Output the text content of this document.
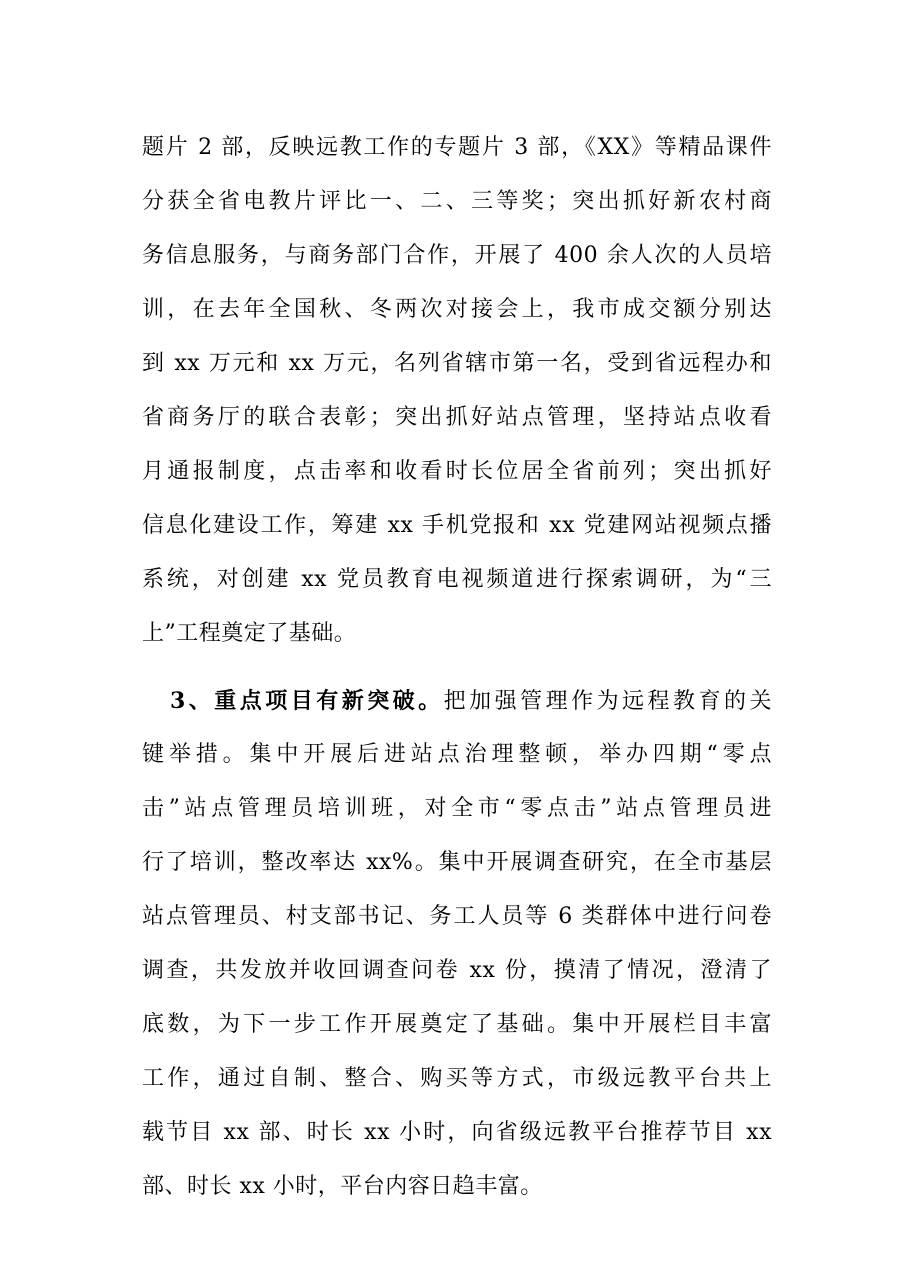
题片 2 部，反映远教工作的专题片 3 部，《XX》等精品课件
分获全省电教片评比一、二、三等奖；突出抓好新农村商
务信息服务，与商务部门合作，开展了 400 余人次的人员培
训，在去年全国秋、冬两次对接会上，我市成交额分别达
到 xx 万元和 xx 万元，名列省辖市第一名，受到省远程办和
省商务厅的联合表彰；突出抓好站点管理，坚持站点收看
月通报制度，点击率和收看时长位居全省前列；突出抓好
信息化建设工作，筹建 xx 手机党报和 xx 党建网站视频点播
系统，对创建 xx 党员教育电视频道进行探索调研，为“三
上”工程奠定了基础。
3、重点项目有新突破。把加强管理作为远程教育的关
键举措。集中开展后进站点治理整顿，举办四期“零点
击”站点管理员培训班，对全市“零点击”站点管理员进
行了培训，整改率达 xx%。集中开展调查研究，在全市基层
站点管理员、村支部书记、务工人员等 6 类群体中进行问卷
调查，共发放并收回调查问卷 xx 份，摸清了情况，澄清了
底数，为下一步工作开展奠定了基础。集中开展栏目丰富
工作，通过自制、整合、购买等方式，市级远教平台共上
载节目 xx 部、时长 xx 小时，向省级远教平台推荐节目 xx
部、时长 xx 小时，平台内容日趋丰富。
